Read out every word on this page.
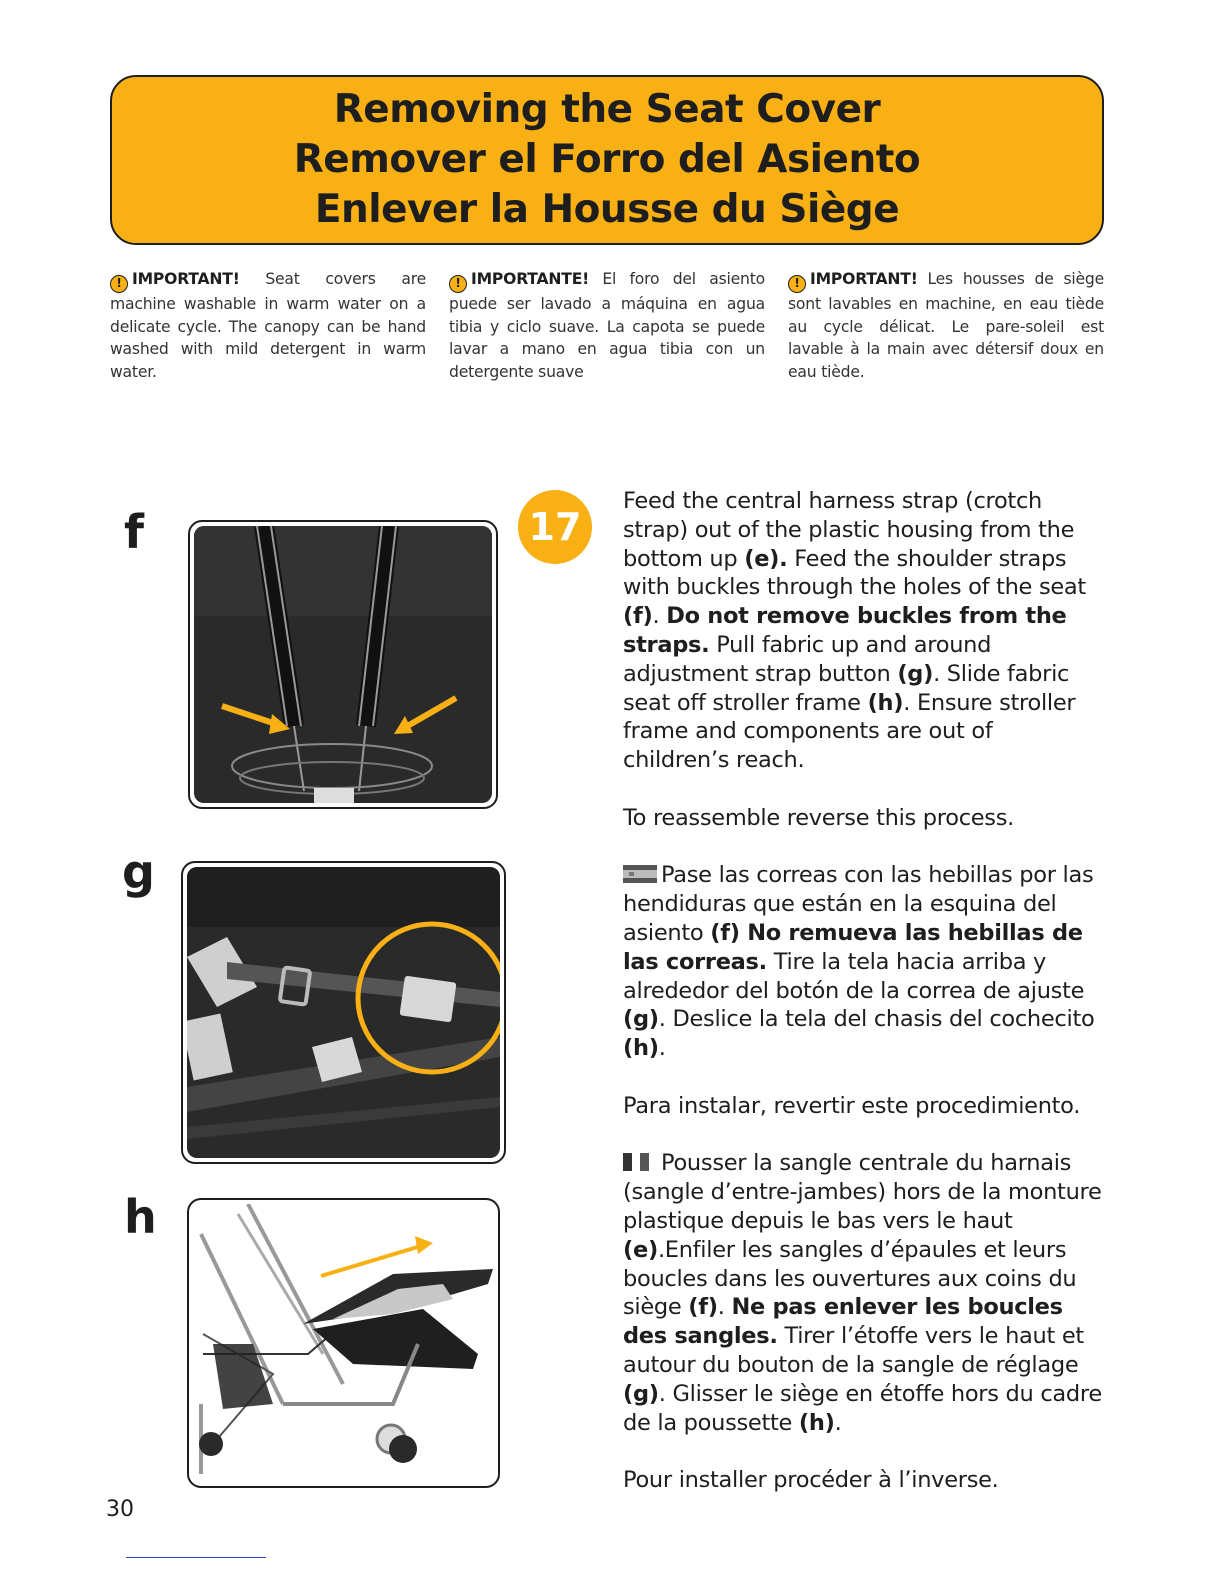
Removing the Seat Cover
Remover el Forro del Asiento
Enlever la Housse du Siège
! IMPORTANT! Seat covers are machine washable in warm water on a delicate cycle. The canopy can be hand washed with mild detergent in warm water.
! IMPORTANTE! El foro del asiento puede ser lavado a máquina en agua tibia y ciclo suave. La capota se puede lavar a mano en agua tibia con un detergente suave
! IMPORTANT! Les housses de siège sont lavables en machine, en eau tiède au cycle délicat. Le pare-soleil est lavable à la main avec détersif doux en eau tiède.
f
g
h
17

Feed the central harness strap (crotch strap) out of the plastic housing from the bottom up (e). Feed the shoulder straps with buckles through the holes of the seat (f). Do not remove buckles from the straps. Pull fabric up and around adjustment strap button (g). Slide fabric seat off stroller frame (h). Ensure stroller frame and components are out of children’s reach.

To reassemble reverse this process.

Pase las correas con las hebillas por las hendiduras que están en la esquina del asiento (f) No remueva las hebillas de las correas. Tire la tela hacia arriba y alrededor del botón de la correa de ajuste (g). Deslice la tela del chasis del cochecito (h).

Para instalar, revertir este procedimiento.

Pousser la sangle centrale du harnais (sangle d’entre-jambes) hors de la monture plastique depuis le bas vers le haut (e).Enfiler les sangles d’épaules et leurs boucles dans les ouvertures aux coins du siège (f). Ne pas enlever les boucles des sangles. Tirer l’étoffe vers le haut et autour du bouton de la sangle de réglage (g). Glisser le siège en étoffe hors du cadre de la poussette (h).

Pour installer procéder à l’inverse.

30
